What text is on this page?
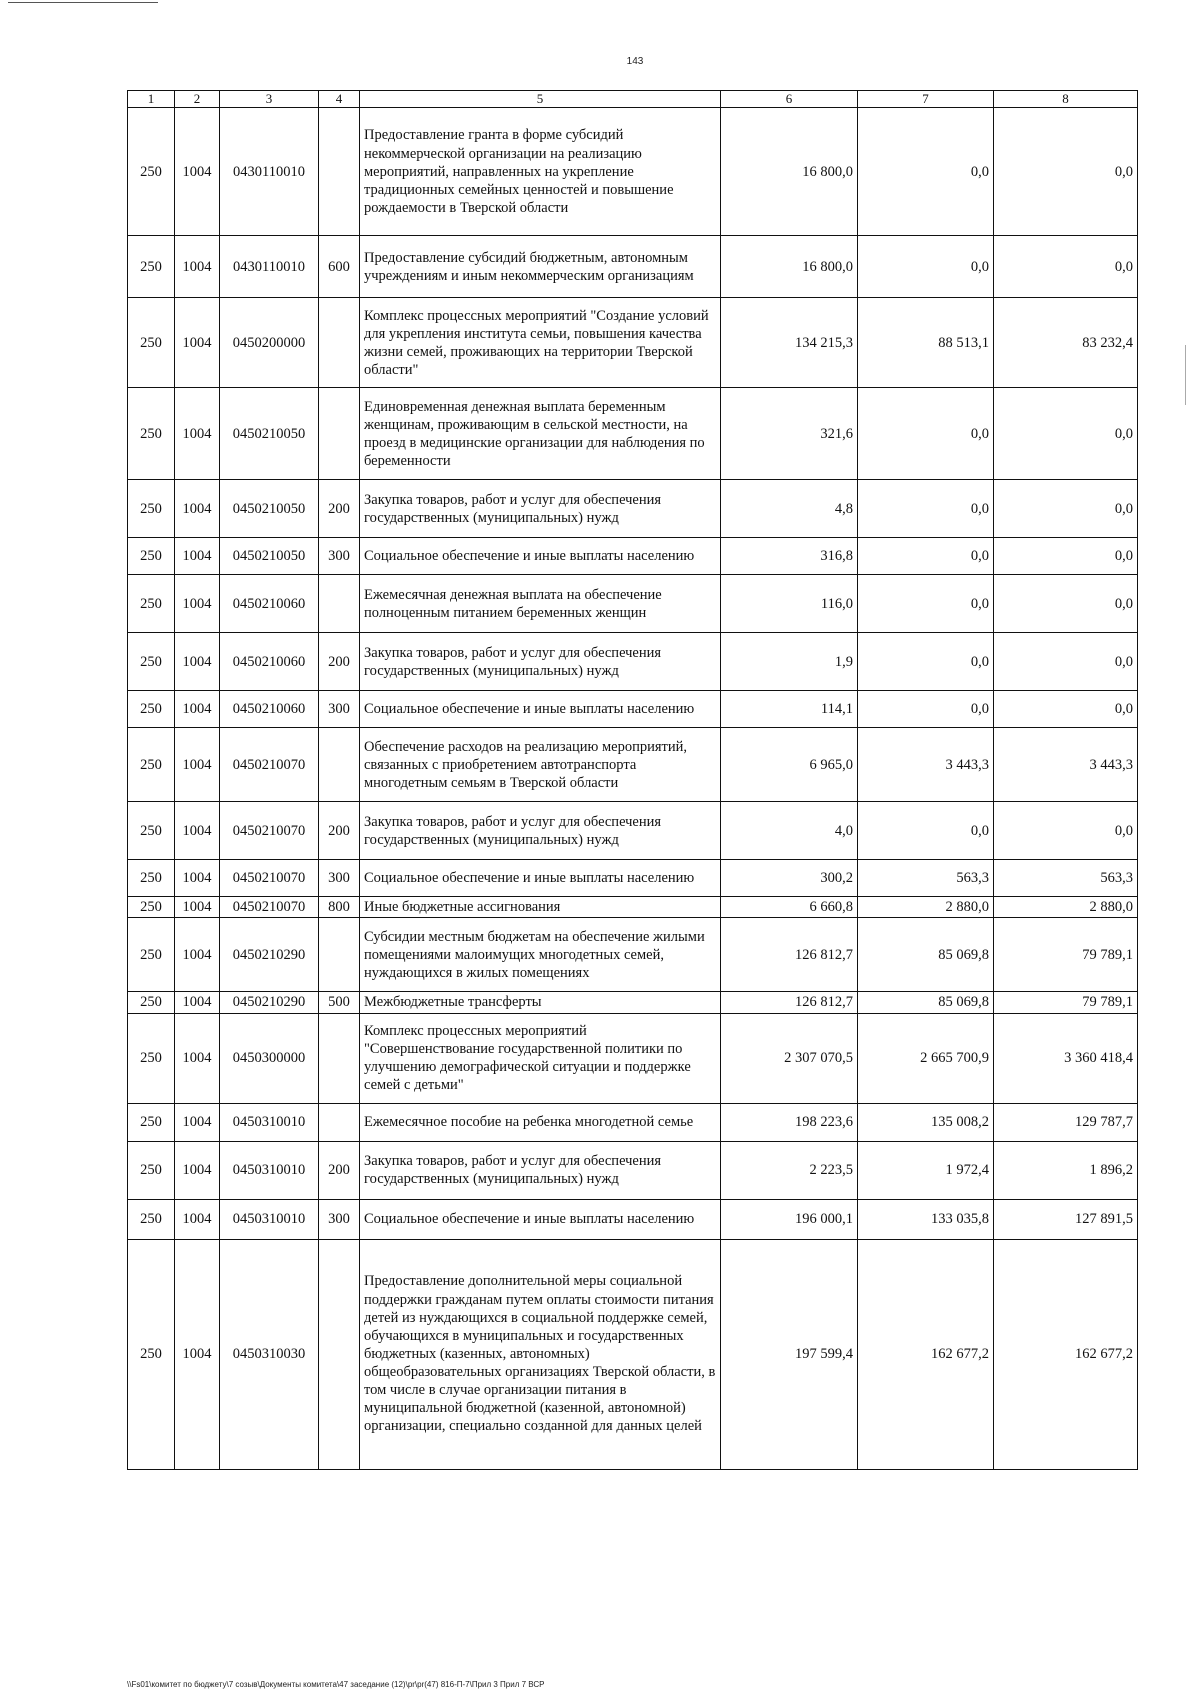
143
1	2	3	4	5	6	7	8
250	1004	0430110010		Предоставление гранта в форме субсидий некоммерческой организации на реализацию мероприятий, направленных на укрепление традиционных семейных ценностей и повышение рождаемости в Тверской области	16 800,0	0,0	0,0
250	1004	0430110010	600	Предоставление субсидий бюджетным, автономным учреждениям и иным некоммерческим организациям	16 800,0	0,0	0,0
250	1004	0450200000		Комплекс процессных мероприятий "Создание условий для укрепления института семьи, повышения качества жизни семей, проживающих на территории Тверской области"	134 215,3	88 513,1	83 232,4
250	1004	0450210050		Единовременная денежная выплата беременным женщинам, проживающим в сельской местности, на проезд в медицинские организации для наблюдения по беременности	321,6	0,0	0,0
250	1004	0450210050	200	Закупка товаров, работ и услуг для обеспечения государственных (муниципальных) нужд	4,8	0,0	0,0
250	1004	0450210050	300	Социальное обеспечение и иные выплаты населению	316,8	0,0	0,0
250	1004	0450210060		Ежемесячная денежная выплата на обеспечение полноценным питанием беременных женщин	116,0	0,0	0,0
250	1004	0450210060	200	Закупка товаров, работ и услуг для обеспечения государственных (муниципальных) нужд	1,9	0,0	0,0
250	1004	0450210060	300	Социальное обеспечение и иные выплаты населению	114,1	0,0	0,0
250	1004	0450210070		Обеспечение расходов на реализацию мероприятий, связанных с приобретением автотранспорта многодетным семьям в Тверской области	6 965,0	3 443,3	3 443,3
250	1004	0450210070	200	Закупка товаров, работ и услуг для обеспечения государственных (муниципальных) нужд	4,0	0,0	0,0
250	1004	0450210070	300	Социальное обеспечение и иные выплаты населению	300,2	563,3	563,3
250	1004	0450210070	800	Иные бюджетные ассигнования	6 660,8	2 880,0	2 880,0
250	1004	0450210290		Субсидии местным бюджетам на обеспечение жилыми помещениями малоимущих многодетных семей, нуждающихся в жилых помещениях	126 812,7	85 069,8	79 789,1
250	1004	0450210290	500	Межбюджетные трансферты	126 812,7	85 069,8	79 789,1
250	1004	0450300000		Комплекс процессных мероприятий "Совершенствование государственной политики по улучшению демографической ситуации и поддержке семей с детьми"	2 307 070,5	2 665 700,9	3 360 418,4
250	1004	0450310010		Ежемесячное пособие на ребенка многодетной семье	198 223,6	135 008,2	129 787,7
250	1004	0450310010	200	Закупка товаров, работ и услуг для обеспечения государственных (муниципальных) нужд	2 223,5	1 972,4	1 896,2
250	1004	0450310010	300	Социальное обеспечение и иные выплаты населению	196 000,1	133 035,8	127 891,5
250	1004	0450310030		Предоставление дополнительной меры социальной поддержки гражданам путем оплаты стоимости питания детей из нуждающихся в социальной поддержке семей, обучающихся в муниципальных и государственных бюджетных (казенных, автономных) общеобразовательных организациях Тверской области, в том числе в случае организации питания в муниципальной бюджетной (казенной, автономной) организации, специально созданной для данных целей	197 599,4	162 677,2	162 677,2
\\Fs01\комитет по бюджету\7 созыв\Документы комитета\47 заседание (12)\pr\pr(47) 816-П-7\Прил 3 Прил 7 ВСР
